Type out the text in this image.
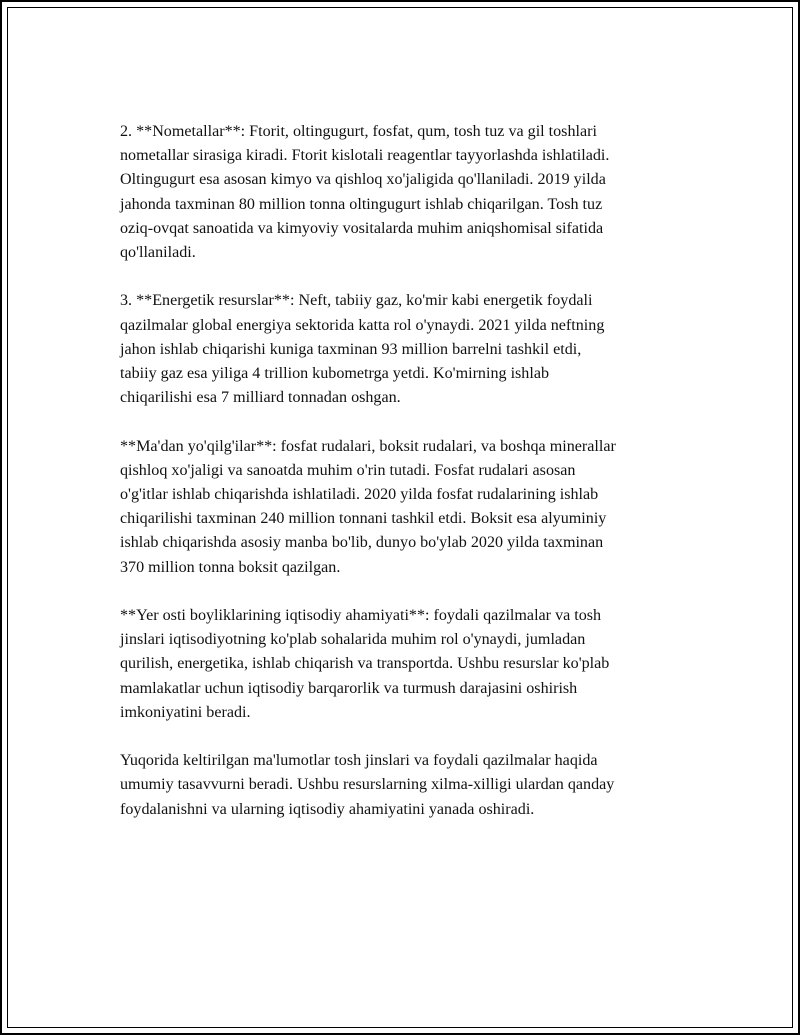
2. **Nometallar**: Ftorit, oltingugurt, fosfat, qum, tosh tuz va gil toshlari
nometallar sirasiga kiradi. Ftorit kislotali reagentlar tayyorlashda ishlatiladi.
Oltingugurt esa asosan kimyo va qishloq xo'jaligida qo'llaniladi. 2019 yilda
jahonda taxminan 80 million tonna oltingugurt ishlab chiqarilgan. Tosh tuz
oziq-ovqat sanoatida va kimyoviy vositalarda muhim aniqshomisal sifatida
qo'llaniladi.

3. **Energetik resurslar**: Neft, tabiiy gaz, ko'mir kabi energetik foydali
qazilmalar global energiya sektorida katta rol o'ynaydi. 2021 yilda neftning
jahon ishlab chiqarishi kuniga taxminan 93 million barrelni tashkil etdi,
tabiiy gaz esa yiliga 4 trillion kubometrga yetdi. Ko'mirning ishlab
chiqarilishi esa 7 milliard tonnadan oshgan.

**Ma'dan yo'qilg'ilar**: fosfat rudalari, boksit rudalari, va boshqa minerallar
qishloq xo'jaligi va sanoatda muhim o'rin tutadi. Fosfat rudalari asosan
o'g'itlar ishlab chiqarishda ishlatiladi. 2020 yilda fosfat rudalarining ishlab
chiqarilishi taxminan 240 million tonnani tashkil etdi. Boksit esa alyuminiy
ishlab chiqarishda asosiy manba bo'lib, dunyo bo'ylab 2020 yilda taxminan
370 million tonna boksit qazilgan.

**Yer osti boyliklarining iqtisodiy ahamiyati**: foydali qazilmalar va tosh
jinslari iqtisodiyotning ko'plab sohalarida muhim rol o'ynaydi, jumladan
qurilish, energetika, ishlab chiqarish va transportda. Ushbu resurslar ko'plab
mamlakatlar uchun iqtisodiy barqarorlik va turmush darajasini oshirish
imkoniyatini beradi.

Yuqorida keltirilgan ma'lumotlar tosh jinslari va foydali qazilmalar haqida
umumiy tasavvurni beradi. Ushbu resurslarning xilma-xilligi ulardan qanday
foydalanishni va ularning iqtisodiy ahamiyatini yanada oshiradi.
